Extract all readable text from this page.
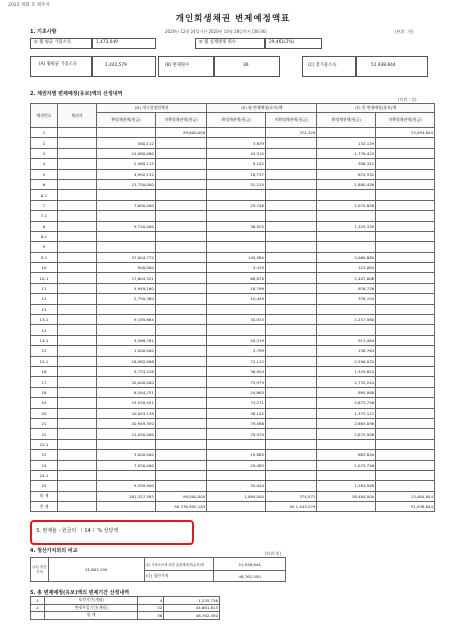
2023 개회 호 채무자
개인회생채권 변제예정액표
1. 기초사항	2020년 12월 24일기산 2020년 10월 28일까지 [36-36]	(단위 : 원)
① 월 평균 가용소득	1,473,049	② 월 실제변제 횟수	29,461(2%)
(A) 월평균 가용소득	1,442,579	(B) 변제횟수	36	(C) 총가용소득	51,938,844
2. 채권자별 변제예정(유보)액의 산정내역
(단위 : 원)
채권번호	채권자	(D) 개시결정전채권		(E) 월 변제예정(유보)액		(F) 총 변제예정(유보)액	
		확정채권액(원금)	미확정채권액(원금)	확정채권액(원금)	미확정채권액(원금)	확정채권액(원금)	미확정채권액(원금)
1			99,600,000		374,329		13,494,844
2		580,112		3,679		132,129	
3		12,080,080		43,315		1,776,423	
4		2,480,115		9,142		356,312	
5		4,992,132		18,737		674,532	
6		13,750,000		52,235		1,880,456	
6-1							
7		7,800,000		29,746		1,070,856	
7-1							
8		9,720,000		36,925		1,329,339	
8-1							
9							
9-1		37,004,772		140,580		5,060,880	
10		900,000		3,419		123,084	
10-1		17,604,321		66,878		2,407,608	
11		4,949,160		18,799		676,726	
12		2,750,380		10,449		376,154	
13							
13-1		9,195,664		34,933		1,257,560	
14							
14-1		5,568,761		20,319		911,464	
15		1,000,000		3,799		136,764	
15-1		18,982,066		72,112		2,596,032	
16		9,723,226		36,954		1,329,824	
17		20,000,000		75,979		2,735,244	
18		6,544,751		24,863		895,068	
19		19,550,451		74,271		2,673,756	
20		10,043,138		38,142		1,373,112	
21		20,949,350		79,586		2,865,096	
22		21,050,000		79,970		2,872,908	
22-1							
23		3,000,000		19,885		683,820	
24		7,930,000		29,483		1,075,748	
24-1							
25		9,359,900		35,044		1,284,948	
합 계		281,327,583	99,000,000	1,069,000	374,572	38,484,000	13,484,844
총 계			90 376,992,183		90 1,443,579		51,938,844
3. 변제율 : 원금의 （ 14 ）% 상당액
4. 청산가치와의 비교	(단위:원)
(나) 청산 가치	31,802,190	(C) 가용소득에 의한 총변제예정(유보)액	51,938,844
		(나) 청산가치	48,762,550
5. 총 변제예정(유보)액의 변제기간 산정내역
1	보전기간(개월)	4	1,235,736
2	변제투입기간(개월)	32	44,681,813
	합 계	36	48,762,550
